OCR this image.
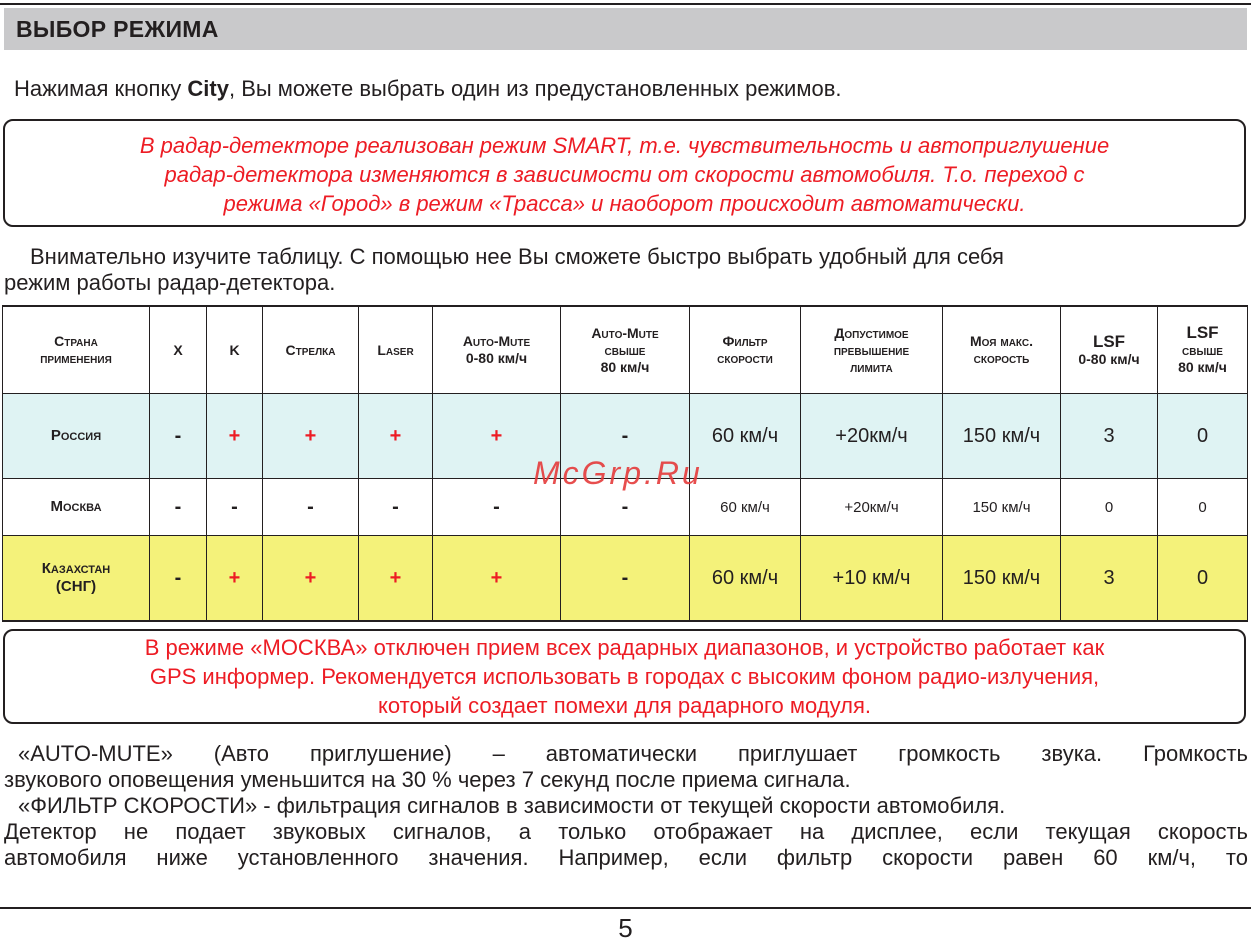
ВЫБОР РЕЖИМА
Нажимая кнопку City, Вы можете выбрать один из предустановленных режимов.
В радар-детекторе реализован режим SMART, т.е. чувствительность и автоприглушение
радар-детектора изменяются в зависимости от скорости автомобиля. Т.о. переход с
режима «Город» в режим «Трасса» и наоборот происходит автоматически.
Внимательно изучите таблицу. С помощью нее Вы сможете быстро выбрать удобный для себя
режим работы радар-детектора.
Страна
применения	X	K	Стрелка	Laser	Auto-Mute
0-80 км/ч	Auto-Mute
свыше
80 км/ч	Фильтр
скорости	Допустимое
превышение
лимита	Моя макс.
скорость	LSF
0-80 км/ч	LSF
свыше
80 км/ч
Россия	-	+	+	+	+	-	60 км/ч	+20км/ч	150 км/ч	3	0
Москва	-	-	-	-	-	-	60 км/ч	+20км/ч	150 км/ч	0	0
Казахстан
(СНГ)	-	+	+	+	+	-	60 км/ч	+10 км/ч	150 км/ч	3	0
McGrp.Ru
В режиме «МОСКВА» отключен прием всех радарных диапазонов, и устройство работает как
GPS информер. Рекомендуется использовать в городах с высоким фоном радио-излучения,
который создает помехи для радарного модуля.
«AUTO-MUTE» (Авто приглушение) – автоматически приглушает громкость звука. Громкость
звукового оповещения уменьшится на 30 % через 7 секунд после приема сигнала.
«ФИЛЬТР СКОРОСТИ» - фильтрация сигналов в зависимости от текущей скорости автомобиля.
Детектор не подает звуковых сигналов, а только отображает на дисплее, если текущая скорость
автомобиля ниже установленного значения. Например, если фильтр скорости равен 60 км/ч, то
5
